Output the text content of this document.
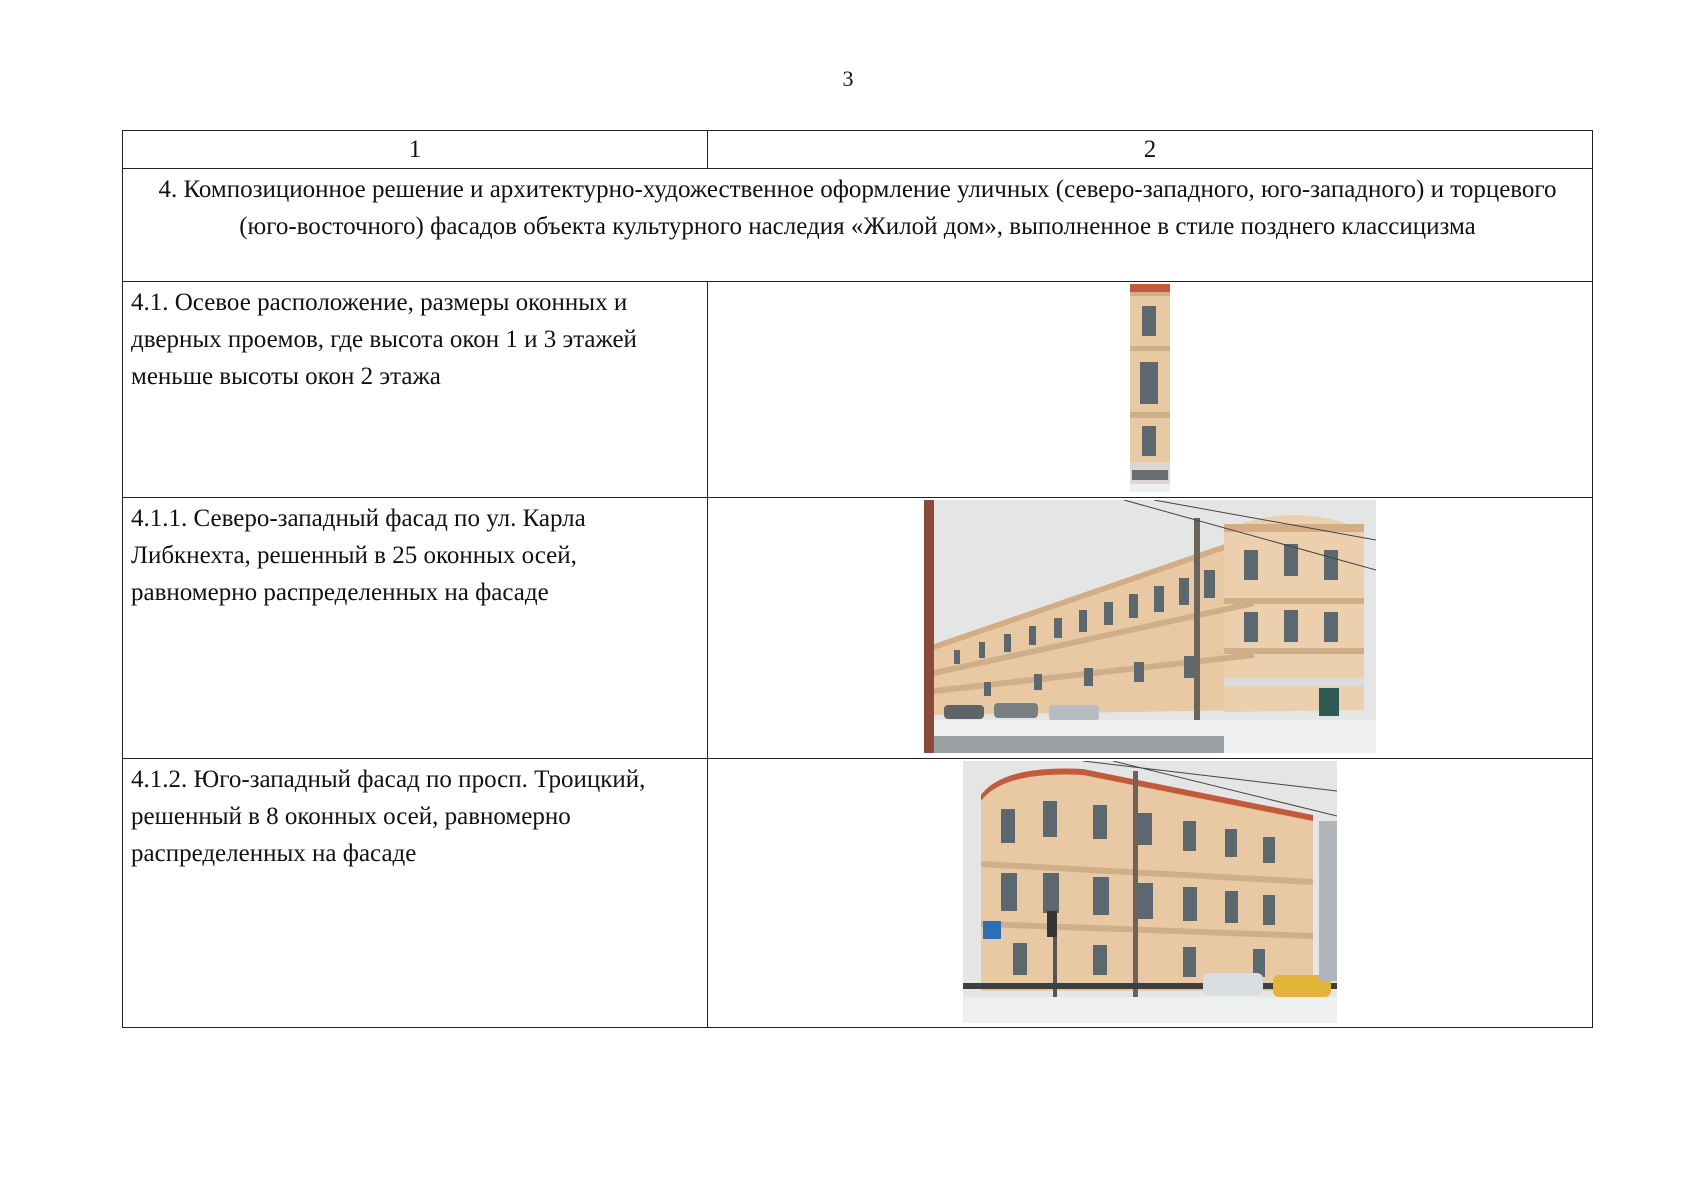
3
1	2
4. Композиционное решение и архитектурно-художественное оформление уличных (северо-западного, юго-западного) и торцевого (юго-восточного) фасадов объекта культурного наследия «Жилой дом», выполненное в стиле позднего классицизма	
4.1. Осевое расположение, размеры оконных и дверных проемов, где высота окон 1 и 3 этажей меньше высоты окон 2 этажа	

4.1.1. Северо-западный фасад по ул. Карла Либкнехта, решенный в 25 оконных осей, равномерно распределенных на фасаде	

4.1.2. Юго-западный фасад по просп. Троицкий, решенный в 8 оконных осей, равномерно распределенных на фасаде	
